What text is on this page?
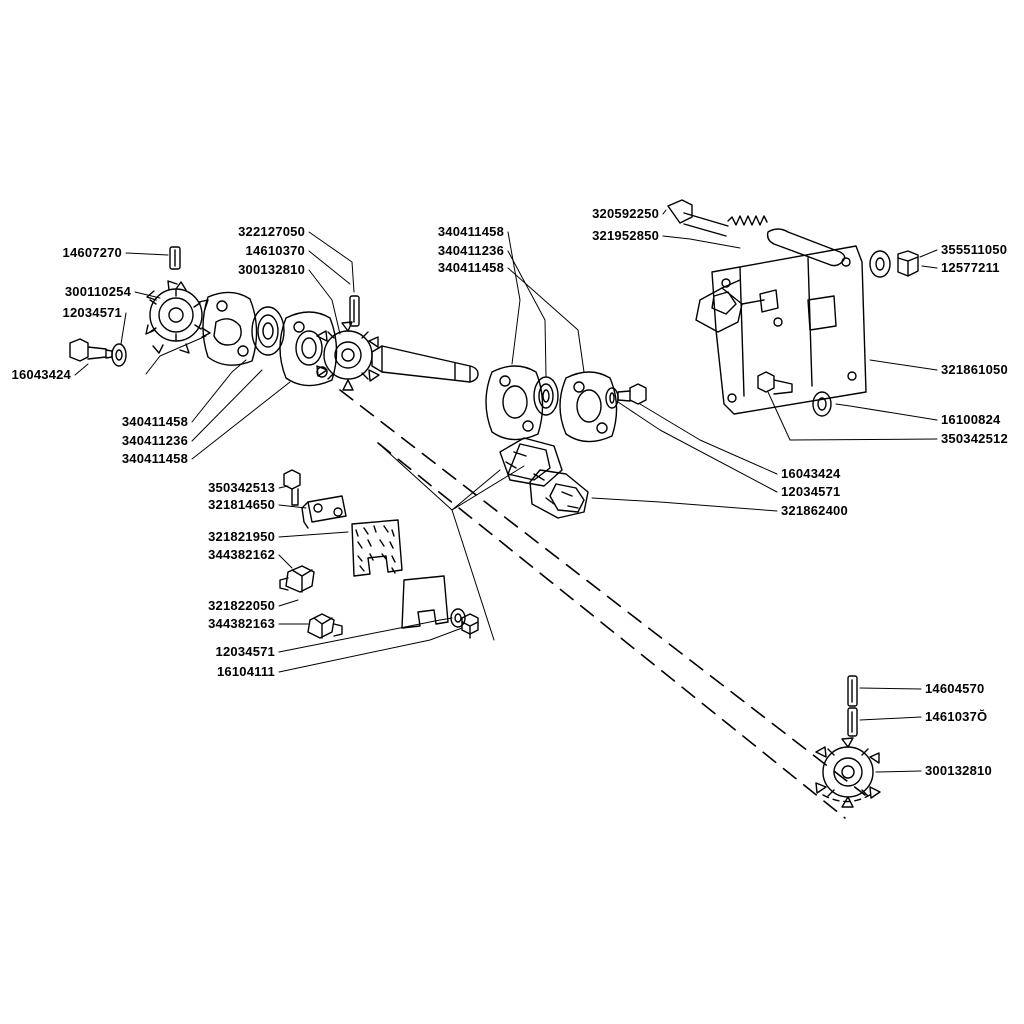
14607270
300110254
12034571
16043424
322127050
14610370
300132810
340411458
340411236
340411458
320592250
321952850
355511050
12577211
321861050
16100824
350342512
340411458
340411236
340411458
16043424
12034571
321862400
350342513
321814650
321821950
344382162
321822050
344382163
12034571
16104111
14604570
1461037Ŏ
300132810
